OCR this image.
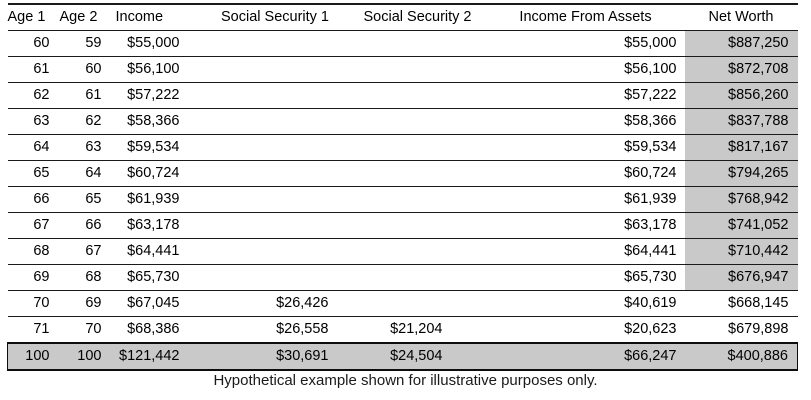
Age 1	Age 2	Income	Social Security 1	Social Security 2	Income From Assets	Net Worth
60	59	$55,000			$55,000	$887,250
61	60	$56,100			$56,100	$872,708
62	61	$57,222			$57,222	$856,260
63	62	$58,366			$58,366	$837,788
64	63	$59,534			$59,534	$817,167
65	64	$60,724			$60,724	$794,265
66	65	$61,939			$61,939	$768,942
67	66	$63,178			$63,178	$741,052
68	67	$64,441			$64,441	$710,442
69	68	$65,730			$65,730	$676,947
70	69	$67,045	$26,426		$40,619	$668,145
71	70	$68,386	$26,558	$21,204	$20,623	$679,898
100	100	$121,442	$30,691	$24,504	$66,247	$400,886
Hypothetical example shown for illustrative purposes only.
